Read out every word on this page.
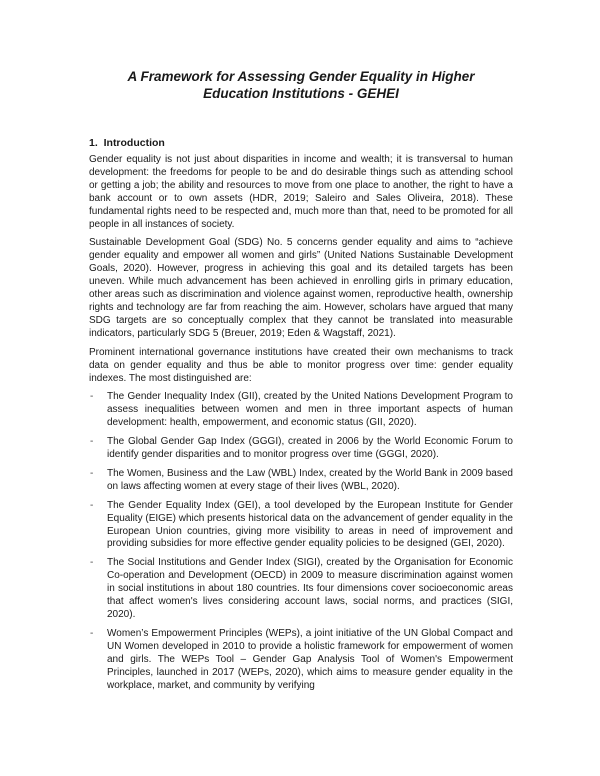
A Framework for Assessing Gender Equality in Higher
Education Institutions - GEHEI
1. Introduction

Gender equality is not just about disparities in income and wealth; it is transversal to human development: the freedoms for people to be and do desirable things such as attending school or getting a job; the ability and resources to move from one place to another, the right to have a bank account or to own assets (HDR, 2019; Saleiro and Sales Oliveira, 2018). These fundamental rights need to be respected and, much more than that, need to be promoted for all people in all instances of society.

Sustainable Development Goal (SDG) No. 5 concerns gender equality and aims to “achieve gender equality and empower all women and girls” (United Nations Sustainable Development Goals, 2020). However, progress in achieving this goal and its detailed targets has been uneven. While much advancement has been achieved in enrolling girls in primary education, other areas such as discrimination and violence against women, reproductive health, ownership rights and technology are far from reaching the aim. However, scholars have argued that many SDG targets are so conceptually complex that they cannot be translated into measurable indicators, particularly SDG 5 (Breuer, 2019; Eden & Wagstaff, 2021).

Prominent international governance institutions have created their own mechanisms to track data on gender equality and thus be able to monitor progress over time: gender equality indexes. The most distinguished are:

- The Gender Inequality Index (GII), created by the United Nations Development Program to assess inequalities between women and men in three important aspects of human development: health, empowerment, and economic status (GII, 2020).
- The Global Gender Gap Index (GGGI), created in 2006 by the World Economic Forum to identify gender disparities and to monitor progress over time (GGGI, 2020).
- The Women, Business and the Law (WBL) Index, created by the World Bank in 2009 based on laws affecting women at every stage of their lives (WBL, 2020).
- The Gender Equality Index (GEI), a tool developed by the European Institute for Gender Equality (EIGE) which presents historical data on the advancement of gender equality in the European Union countries, giving more visibility to areas in need of improvement and providing subsidies for more effective gender equality policies to be designed (GEI, 2020).
- The Social Institutions and Gender Index (SIGI), created by the Organisation for Economic Co-operation and Development (OECD) in 2009 to measure discrimination against women in social institutions in about 180 countries. Its four dimensions cover socioeconomic areas that affect women's lives considering account laws, social norms, and practices (SIGI, 2020).
- Women’s Empowerment Principles (WEPs), a joint initiative of the UN Global Compact and UN Women developed in 2010 to provide a holistic framework for empowerment of women and girls. The WEPs Tool – Gender Gap Analysis Tool of Women's Empowerment Principles, launched in 2017 (WEPs, 2020), which aims to measure gender equality in the workplace, market, and community by verifying
